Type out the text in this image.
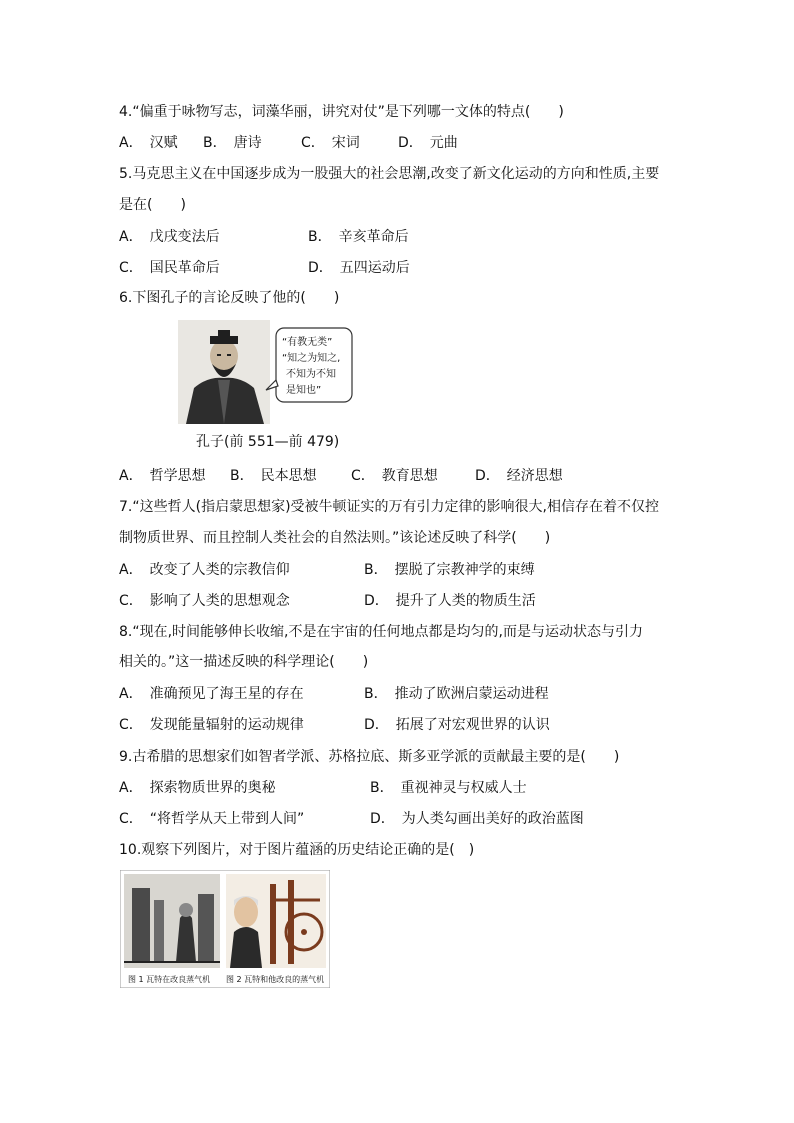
4.“偏重于咏物写志，词藻华丽，讲究对仗”是下列哪一文体的特点(　　)
A．　汉赋 B．　唐诗	C．　宋词	D．　元曲
5.马克思主义在中国逐步成为一股强大的社会思潮,改变了新文化运动的方向和性质,主要
是在(　　)
A．　戊戌变法后	B．　辛亥革命后
C．　国民革命后	D．　五四运动后
6.下图孔子的言论反映了他的(　　)
“有教无类”
“知之为知之,
不知为不知
是知也”
孔子(前 551—前 479)
A．　哲学思想 B．　民本思想 C．　教育思想	D．　经济思想
7.“这些哲人(指启蒙思想家)受被牛顿证实的万有引力定律的影响很大,相信存在着不仅控
制物质世界、而且控制人类社会的自然法则。”该论述反映了科学(　　)
A．　改变了人类的宗教信仰	B．　摆脱了宗教神学的束缚
C．　影响了人类的思想观念	D．　提升了人类的物质生活
8.“现在,时间能够伸长收缩,不是在宇宙的任何地点都是均匀的,而是与运动状态与引力
相关的。”这一描述反映的科学理论(　　)
A．　准确预见了海王星的存在	B．　推动了欧洲启蒙运动进程
C．　发现能量辐射的运动规律	D．　拓展了对宏观世界的认识
9.古希腊的思想家们如智者学派、苏格拉底、斯多亚学派的贡献最主要的是(　　)
A．　探索物质世界的奥秘	B．　重视神灵与权威人士
C．　“将哲学从天上带到人间”	D．　为人类勾画出美好的政治蓝图
10.观察下列图片，对于图片蕴涵的历史结论正确的是(　)
图 1 瓦特在改良蒸气机 图 2 瓦特和他改良的蒸气机
